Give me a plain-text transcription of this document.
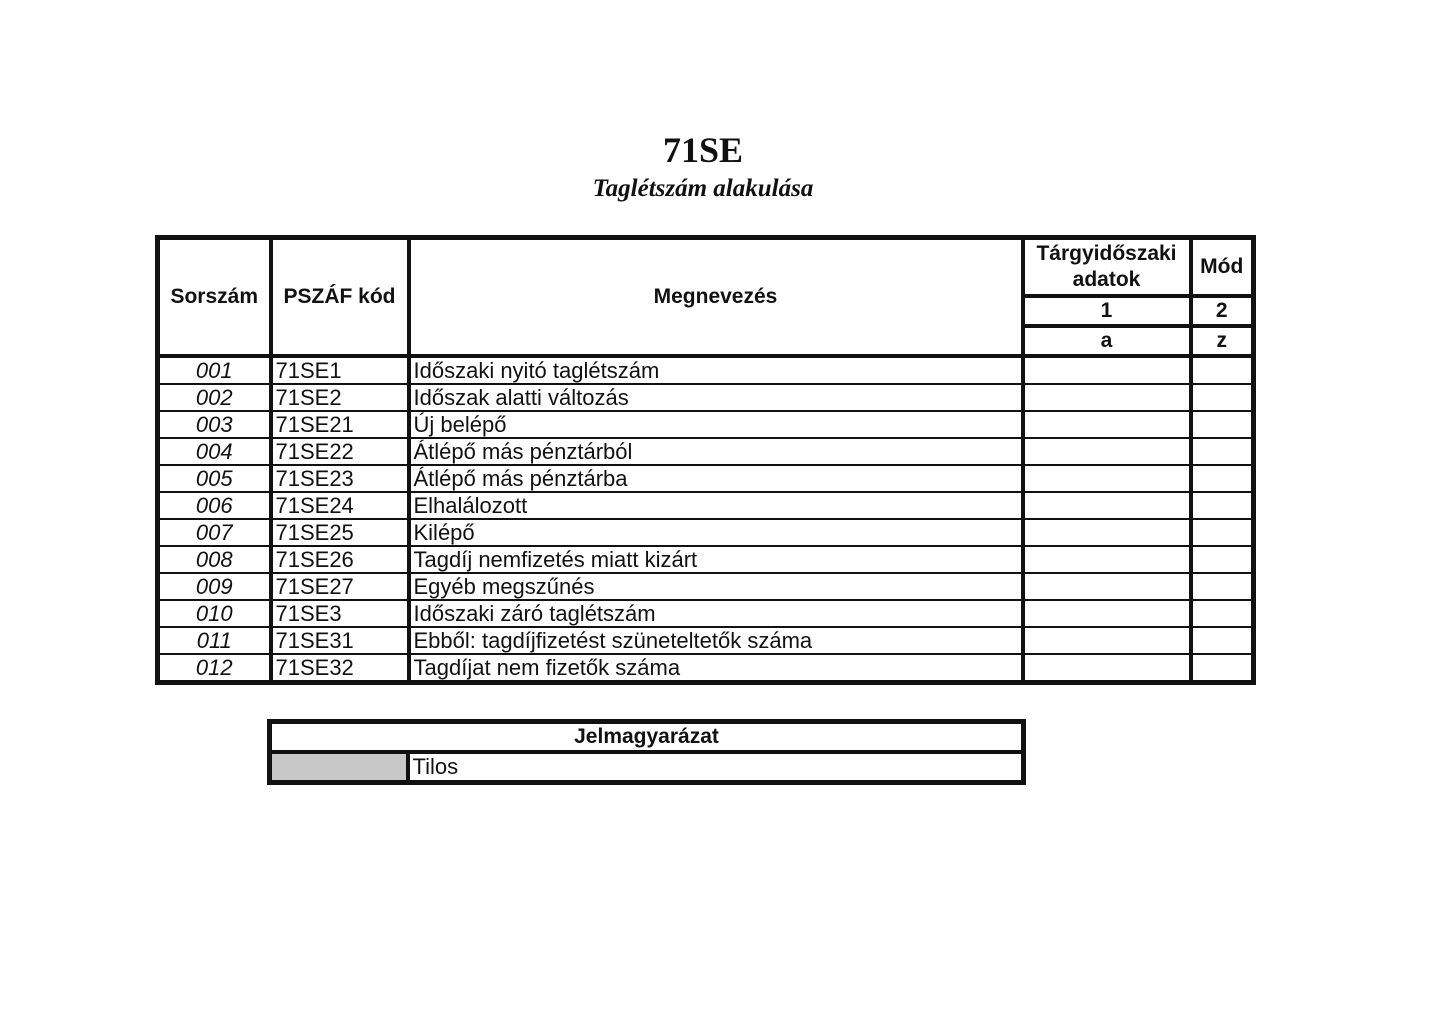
71SE
Taglétszám alakulása
Sorszám	PSZÁF kód	Megnevezés	Tárgyidőszaki adatok	Mód
			1	2
			a	z
001	71SE1	Időszaki nyitó taglétszám		
002	71SE2	Időszak alatti változás		
003	71SE21	Új belépő		
004	71SE22	Átlépő más pénztárból		
005	71SE23	Átlépő más pénztárba		
006	71SE24	Elhalálozott		
007	71SE25	Kilépő		
008	71SE26	Tagdíj nemfizetés miatt kizárt		
009	71SE27	Egyéb megszűnés		
010	71SE3	Időszaki záró taglétszám		
011	71SE31	Ebből: tagdíjfizetést szüneteltetők száma		
012	71SE32	Tagdíjat nem fizetők száma		
Jelmagyarázat
	Tilos
